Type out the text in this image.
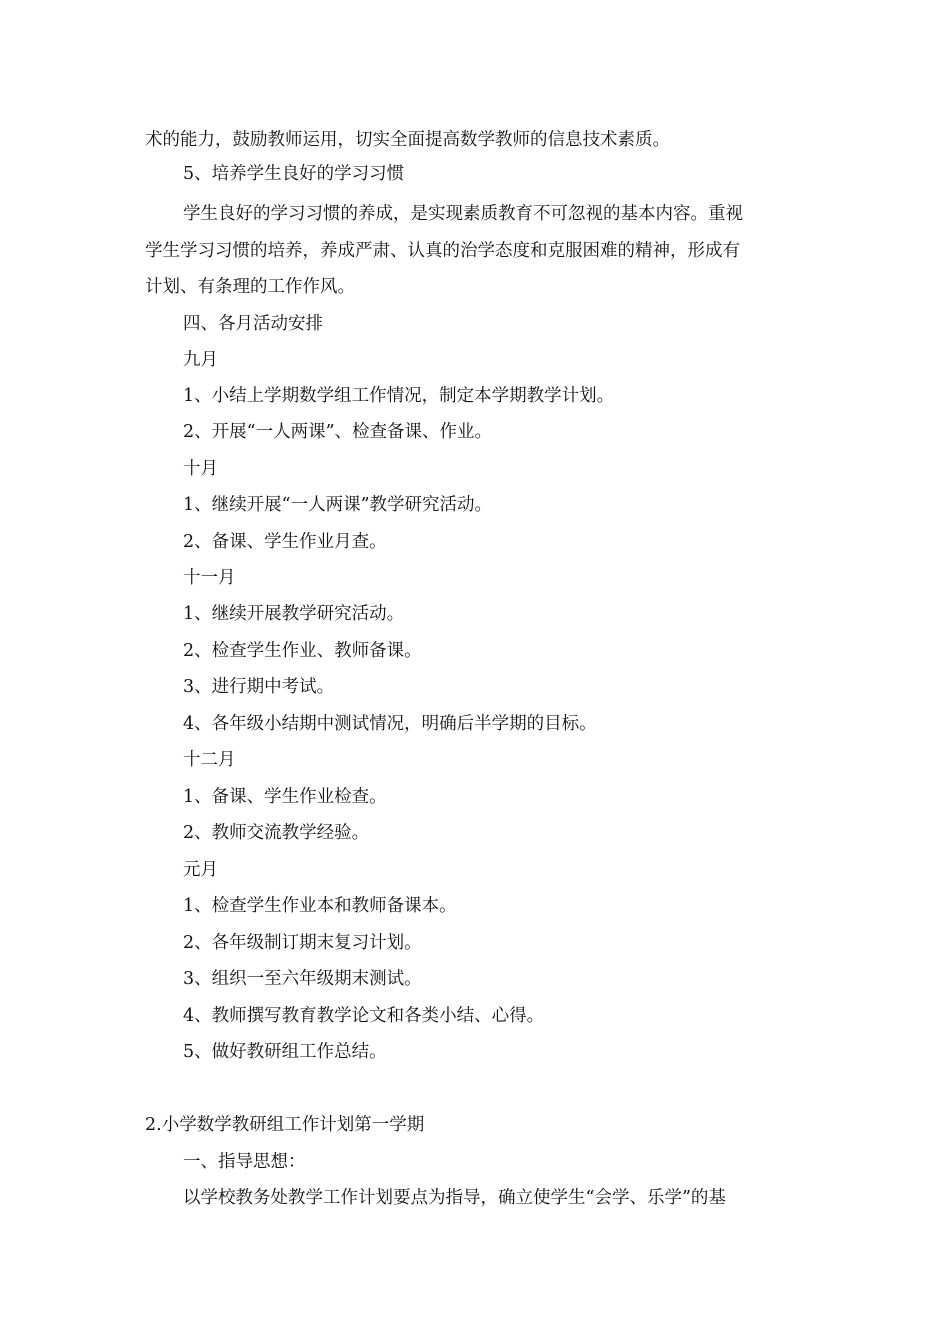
术的能力，鼓励教师运用，切实全面提高数学教师的信息技术素质。
5、培养学生良好的学习习惯
学生良好的学习习惯的养成，是实现素质教育不可忽视的基本内容。重视
学生学习习惯的培养，养成严肃、认真的治学态度和克服困难的精神，形成有
计划、有条理的工作作风。
四、各月活动安排
九月
1、小结上学期数学组工作情况，制定本学期教学计划。
2、开展“一人两课”、检查备课、作业。
十月
1、继续开展“一人两课”教学研究活动。
2、备课、学生作业月查。
十一月
1、继续开展教学研究活动。
2、检查学生作业、教师备课。
3、进行期中考试。
4、各年级小结期中测试情况，明确后半学期的目标。
十二月
1、备课、学生作业检查。
2、教师交流教学经验。
元月
1、检查学生作业本和教师备课本。
2、各年级制订期末复习计划。
3、组织一至六年级期末测试。
4、教师撰写教育教学论文和各类小结、心得。
5、做好教研组工作总结。
2.小学数学教研组工作计划第一学期
一、指导思想：
以学校教务处教学工作计划要点为指导，确立使学生“会学、乐学”的基
